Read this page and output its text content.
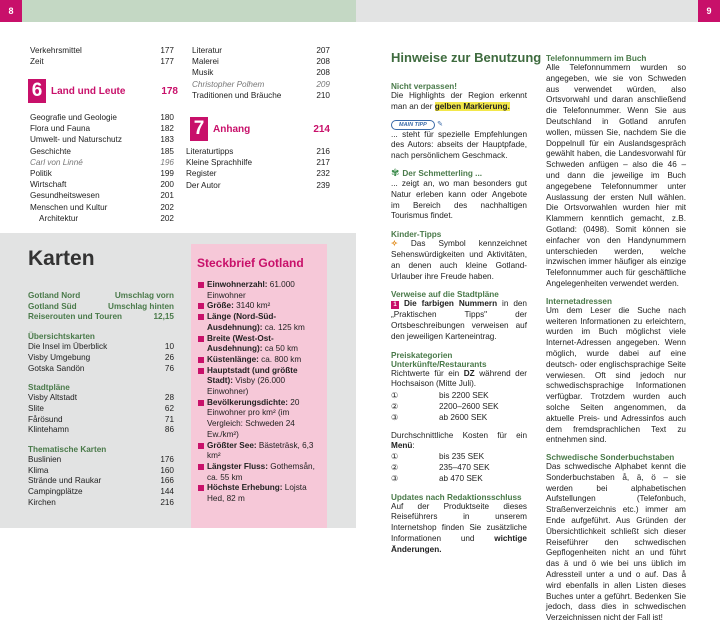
8
Verkehrsmittel	177
Zeit	177
6 Land und Leute	178
Geografie und Geologie	180
Flora und Fauna	182
Umwelt- und Naturschutz	183
Geschichte	185
Carl von Linné	196
Politik	199
Wirtschaft	200
Gesundheitswesen	201
Menschen und Kultur	202
Architektur	202
Literatur	207
Malerei	208
Musik	208
Christopher Polhem	209
Traditionen und Bräuche	210
7 Anhang	214
Literaturtipps	216
Kleine Sprachhilfe	217
Register	232
Der Autor	239
Karten
Gotland Nord	Umschlag vorn
Gotland Süd	Umschlag hinten
Reiserouten und Touren	12,15
Übersichtskarten
Die Insel im Überblick	10
Visby Umgebung	26
Gotska Sandön	76
Stadtpläne
Visby Altstadt	28
Slite	62
Fårösund	71
Klintehamn	86
Thematische Karten
Buslinien	176
Klima	160
Strände und Raukar	166
Campingplätze	144
Kirchen	216
Steckbrief Gotland
Einwohnerzahl: 61.000 Einwohner
Größe: 3140 km²
Länge (Nord-Süd-Ausdehnung): ca. 125 km
Breite (West-Ost-Ausdehnung): ca 50 km
Küstenlänge: ca. 800 km
Hauptstadt (und größte Stadt): Visby (26.000 Einwohner)
Bevölkerungsdichte: 20 Einwohner pro km² (im Vergleich: Schweden 24 Ew./km²)
Größter See: Bästeträsk, 6,3 km²
Längster Fluss: Gothemsån, ca. 55 km
Höchste Erhebung: Lojsta Hed, 82 m
9
Hinweise zur Benutzung
Nicht verpassen!

Die Highlights der Region erkennt man an der gelben Markierung.

MAIN TIPP ✎

... steht für spezielle Empfehlungen des Autors: abseits der Hauptpfade, nach persönlichem Geschmack.

✾ Der Schmetterling ...

... zeigt an, wo man besonders gut Natur erleben kann oder Angebote im Bereich des nachhaltigen Tourismus findet.

Kinder-Tipps

✧ Das Symbol kennzeichnet Sehenswürdigkeiten und Aktivitäten, an denen auch kleine Gotland-Urlauber ihre Freude haben.

Verweise auf die Stadtpläne

1 Die farbigen Nummern in den „Praktischen Tipps" der Ortsbeschreibungen verweisen auf den jeweiligen Karteneintrag.

Preiskategorien Unterkünfte/Restaurants

Richtwerte für ein DZ während der Hochsaison (Mitte Juli).

①	bis 2200 SEK
②	2200–2600 SEK
③	ab 2600 SEK

Durchschnittliche Kosten für ein Menü:

①	bis 235 SEK
②	235–470 SEK
③	ab 470 SEK
Updates nach Redaktionsschluss

Auf der Produktseite dieses Reiseführers in unserem Internetshop finden Sie zusätzliche Informationen und wichtige Änderungen.

Telefonnummern im Buch

Alle Telefonnummern wurden so angegeben, wie sie von Schweden aus verwendet würden, also Ortsvorwahl und daran anschließend die Telefonnummer. Wenn Sie aus Deutschland in Gotland anrufen wollen, müssen Sie, nachdem Sie die Doppelnull für ein Auslandsgespräch gewählt haben, die Landesvorwahl für Schweden anfügen – also die 46 – und dann die jeweilige im Buch angegebene Telefonnummer unter Auslassung der ersten Null wählen. Die Ortsvorwahlen wurden hier mit Klammern kenntlich gemacht, z.B. Gotland: (0498). Somit können sie einfacher von den Handynummern unterschieden werden, welche inzwischen immer häufiger als einzige Telefonnummer auch für geschäftliche Angelegenheiten verwendet werden.

Internetadressen

Um dem Leser die Suche nach weiteren Informationen zu erleichtern, wurden im Buch möglichst viele Internet-Adressen angegeben. Wenn möglich, wurde dabei auf eine deutsch- oder englischsprachige Seite verwiesen. Oft sind jedoch nur schwedischsprachige Informationen verfügbar. Trotzdem wurden auch solche Seiten angenommen, da aktuelle Preis- und Adressinfos auch dem fremdsprachlichen Text zu entnehmen sind.

Schwedische Sonderbuchstaben

Das schwedische Alphabet kennt die Sonderbuchstaben å, ä, ö – sie werden bei alphabetischen Aufstellungen (Telefonbuch, Straßenverzeichnis etc.) immer am Ende aufgeführt. Aus Gründen der Übersichtlichkeit schließt sich dieser Reiseführer den schwedischen Gepflogenheiten nicht an und führt das ä und ö wie bei uns üblich im Adressteil unter a und o auf. Das å wird ebenfalls in allen Listen dieses Buches unter a geführt. Bedenken Sie jedoch, dass dies in schwedischen Verzeichnissen nicht der Fall ist!
